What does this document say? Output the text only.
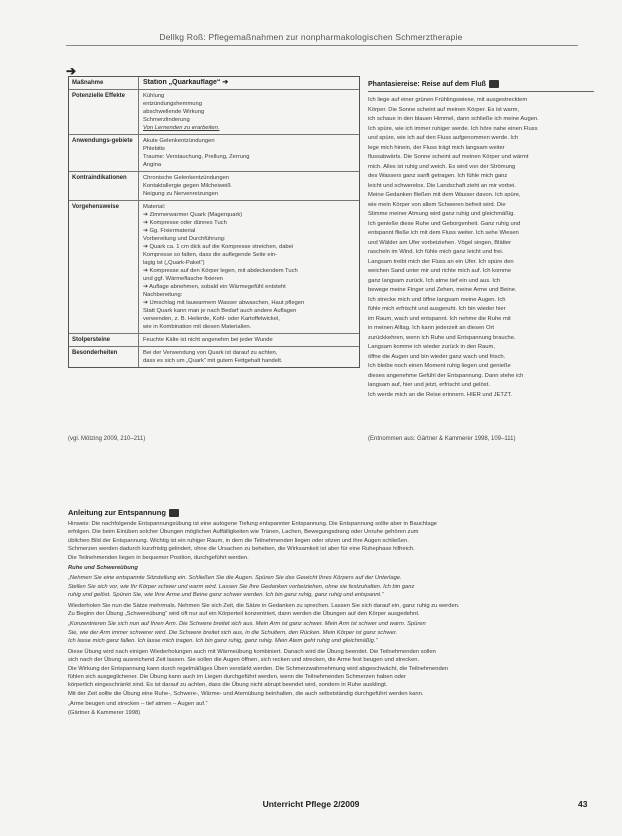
Dellkg Roß: Pflegemaßnahmen zur nonpharmakologischen Schmerztherapie
➔
Maßnahme	Station „Quarkauflage“ ➔
Potenzielle Effekte	Kühlung
entzündungshemmung
abschwellende Wirkung
Schmerzlinderung
Von Lernenden zu erarbeiten.
Anwendungs-gebiete	Akute Gelenkentzündungen
Phlebitis
Traume: Verstauchung, Prellung, Zerrung
Angina
Kontraindikationen	Chronische Gelenkentzündungen
Kontaktallergie gegen Milcheiweiß
Neigung zu Nervenreizungen
Vorgehensweise	Material:
➔ Zimmerwarmer Quark (Magerquark)
➔ Kompresse oder dünnes Tuch
➔ Gg. Fixiermaterial
Vorbereitung und Durchführung:
➔ Quark ca. 1 cm dick auf die Kompresse streichen, dabei
Kompresse so falten, dass die auflegende Seite ein-
lagig ist („Quark-Paket“)
➔ Kompresse auf den Körper legen, mit abdeckendem Tuch
und ggf. Wärmeflasche fixieren
➔ Auflage abnehmen, sobald ein Wärmegefühl entsteht
Nachbereitung:
➔ Umschlag mit lauwarmem Wasser abwaschen, Haut pflegen
Statt Quark kann man je nach Bedarf auch andere Auflagen
verwenden, z. B. Heilerde, Kohl- oder Kartoffelwickel,
wie in Kombination mit diesen Materialien.
Stolpersteine	Feuchte Kälte ist nicht angenehm bei jeder Wunde
Besonderheiten	Bei der Verwendung von Quark ist darauf zu achten,
dass es sich um „Quark“ mit gutem Fettgehalt handelt.
(vgl. Mötzing 2009, 210–211)
Phantasiereise: Reise auf dem Fluß
Ich liege auf einer grünen Frühlingswiese, mit ausgestrecktem
Körper. Die Sonne scheint auf meinen Körper. Es ist warm,
ich schaue in den blauen Himmel, dann schließe ich meine Augen.
Ich spüre, wie ich immer ruhiger werde. Ich höre nahe einen Fluss
und spüre, wie ich auf den Fluss aufgenommen werde. Ich
lege mich hinein, der Fluss trägt mich langsam weiter
flussabwärts. Die Sonne scheint auf meinen Körper und wärmt
mich. Alles ist ruhig und weich. Es wird von der Strömung
des Wassers ganz sanft getragen. Ich fühle mich ganz
leicht und schwerelos. Die Landschaft zieht an mir vorbei.
Meine Gedanken fließen mit dem Wasser davon. Ich spüre,
wie mein Körper von allem Schweren befreit wird. Die
Stimme meiner Atmung wird ganz ruhig und gleichmäßig.
Ich genieße diese Ruhe und Geborgenheit. Ganz ruhig und
entspannt fließe ich mit dem Fluss weiter. Ich sehe Wiesen
und Wälder am Ufer vorbeiziehen. Vögel singen, Blätter
rascheln im Wind. Ich fühle mich ganz leicht und frei.
Langsam treibt mich der Fluss an ein Ufer. Ich spüre den
weichen Sand unter mir und richte mich auf. Ich komme
ganz langsam zurück. Ich atme tief ein und aus. Ich
bewege meine Finger und Zehen, meine Arme und Beine.
Ich strecke mich und öffne langsam meine Augen. Ich
fühle mich erfrischt und ausgeruht. Ich bin wieder hier
im Raum, wach und entspannt. Ich nehme die Ruhe mit
in meinen Alltag. Ich kann jederzeit an diesen Ort
zurückkehren, wenn ich Ruhe und Entspannung brauche.
Langsam komme ich wieder zurück in den Raum,
öffne die Augen und bin wieder ganz wach und frisch.
Ich bleibe noch einen Moment ruhig liegen und genieße
dieses angenehme Gefühl der Entspannung. Dann stehe ich
langsam auf, hier und jetzt, erfrischt und gelöst.
Ich werde mich an die Reise erinnern. HIER und JETZT.
(Entnommen aus: Gärtner & Kammerer 1998, 109–111)
Anleitung zur Entspannung
Hinweis: Die nachfolgende Entspannungsübung ist eine autogene Tiefung entspannter Entspannung. Die Entspannung sollte aber in Bauchlage
erfolgen. Die beim Einüben solcher Übungen möglichen Auffälligkeiten wie Tränen, Lachen, Bewegungsdrang oder Unruhe gehören zum
üblichen Bild der Entspannung. Wichtig ist ein ruhiger Raum, in dem die Teilnehmenden liegen oder sitzen und ihre Augen schließen.
Schmerzen werden dadurch kurzfristig gelindert, ohne die Ursachen zu beheben, die Wirksamkeit ist aber für eine Ruhephase hilfreich.
Die Teilnehmenden liegen in bequemer Position, durchgeführt werden.
Ruhe und Schwereübung
„Nehmen Sie eine entspannte Sitzstellung ein. Schließen Sie die Augen. Spüren Sie das Gewicht Ihres Körpers auf der Unterlage.
Stellen Sie sich vor, wie Ihr Körper schwer und warm wird. Lassen Sie Ihre Gedanken vorbeiziehen, ohne sie festzuhalten. Ich bin ganz
ruhig und gelöst. Spüren Sie, wie Ihre Arme und Beine ganz schwer werden. Ich bin ganz ruhig, ganz ruhig und entspannt.“
Wiederholen Sie nun die Sätze mehrmals. Nehmen Sie sich Zeit, die Sätze in Gedanken zu sprechen. Lassen Sie sich darauf ein, ganz ruhig zu werden.
Zu Beginn der Übung „Schwereübung“ wird oft nur auf ein Körperteil konzentriert, dann werden die Übungen auf den Körper ausgedehnt.
„Konzentrieren Sie sich nun auf Ihren Arm. Die Schwere breitet sich aus. Mein Arm ist ganz schwer. Mein Arm ist schwer und warm. Spüren
Sie, wie der Arm immer schwerer wird. Die Schwere breitet sich aus, in die Schultern, den Rücken. Mein Körper ist ganz schwer.
Ich lasse mich ganz fallen. Ich lasse mich tragen. Ich bin ganz ruhig, ganz ruhig. Mein Atem geht ruhig und gleichmäßig.“
Diese Übung wird nach einigen Wiederholungen auch mit Wärmeübung kombiniert. Danach wird die Übung beendet. Die Teilnehmenden sollen
sich nach der Übung ausreichend Zeit lassen. Sie sollen die Augen öffnen, sich recken und strecken, die Arme fest beugen und strecken.
Die Wirkung der Entspannung kann durch regelmäßiges Üben verstärkt werden. Die Schmerzwahrnehmung wird abgeschwächt, die Teilnehmenden
fühlen sich ausgeglichener. Die Übung kann auch im Liegen durchgeführt werden, wenn die Teilnehmenden Schmerzen haben oder
körperlich eingeschränkt sind. Es ist darauf zu achten, dass die Übung nicht abrupt beendet wird, sondern in Ruhe ausklingt.
Mit der Zeit sollte die Übung eine Ruhe-, Schwere-, Wärme- und Atemübung beinhalten, die auch selbstständig durchgeführt werden kann.
„Arme beugen und strecken – tief atmen – Augen auf.“
(Gärtner & Kammerer 1998)
Unterricht Pflege 2/2009	43
